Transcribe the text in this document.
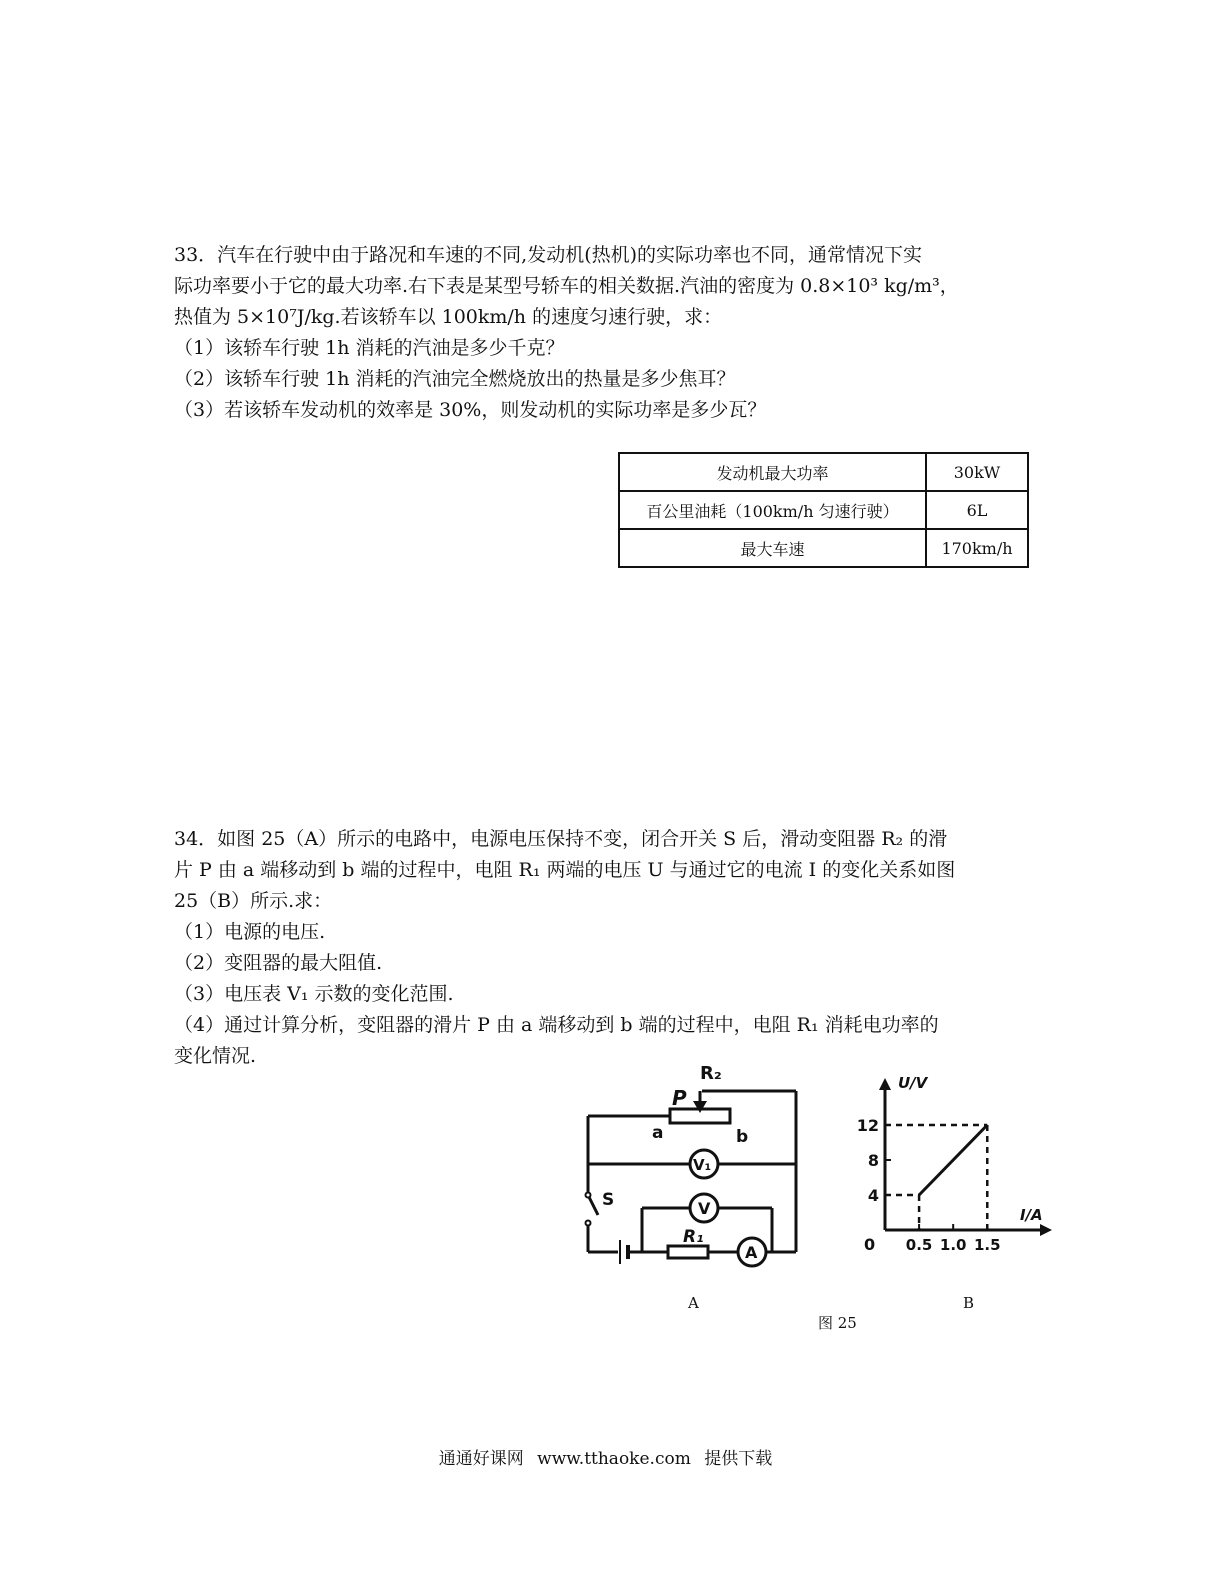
33．汽车在行驶中由于路况和车速的不同,发动机(热机)的实际功率也不同，通常情况下实
际功率要小于它的最大功率.右下表是某型号轿车的相关数据.汽油的密度为 0.8×10³ kg/m³，
热值为 5×10⁷J/kg.若该轿车以 100km/h 的速度匀速行驶，求：
（1）该轿车行驶 1h 消耗的汽油是多少千克？
（2）该轿车行驶 1h 消耗的汽油完全燃烧放出的热量是多少焦耳？
（3）若该轿车发动机的效率是 30%，则发动机的实际功率是多少瓦？
发动机最大功率	30kW
百公里油耗（100km/h 匀速行驶）	6L
最大车速	170km/h
34．如图 25（A）所示的电路中，电源电压保持不变，闭合开关 S 后，滑动变阻器 R₂ 的滑
片 P 由 a 端移动到 b 端的过程中，电阻 R₁ 两端的电压 U 与通过它的电流 I 的变化关系如图
25（B）所示.求：
（1）电源的电压.
（2）变阻器的最大阻值.
（3）电压表 V₁ 示数的变化范围.
（4）通过计算分析，变阻器的滑片 P 由 a 端移动到 b 端的过程中，电阻 R₁ 消耗电功率的
变化情况.
R₂
P
a	b
S
V₁
V
R₁
A
4
8
12
0.5 1.0 1.5
U/V
I/A
0
A	B
图 25
通通好课网 www.tthaoke.com 提供下载
